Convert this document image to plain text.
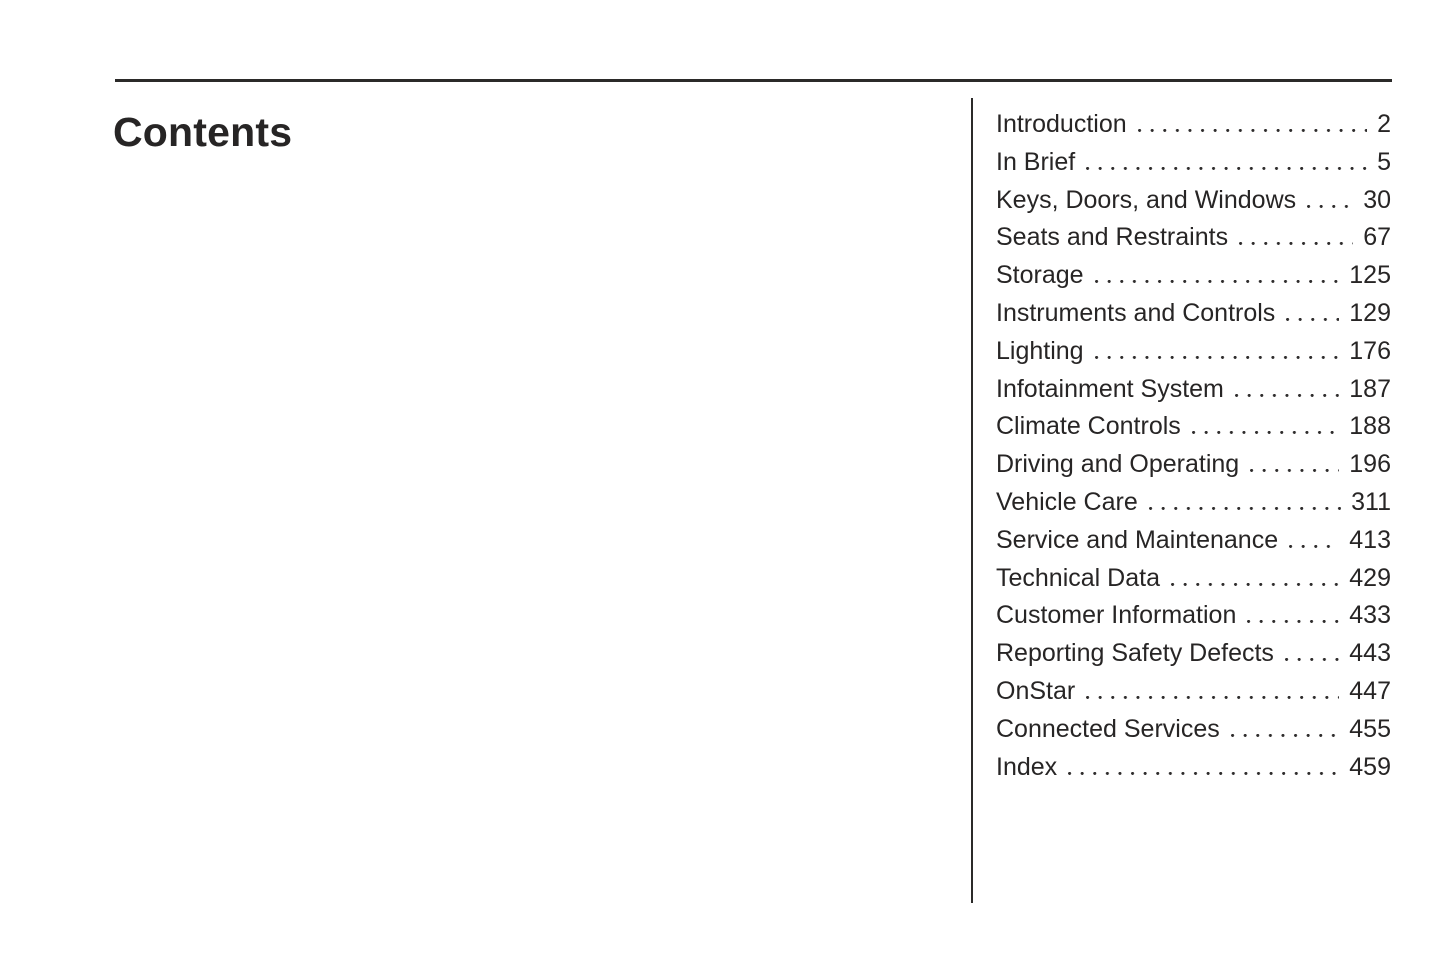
Contents	Introduction	2
In Brief	5
Keys, Doors, and Windows	30
Seats and Restraints	67
Storage	125
Instruments and Controls	129
Lighting	176
Infotainment System	187
Climate Controls	188
Driving and Operating	196
Vehicle Care	311
Service and Maintenance	413
Technical Data	429
Customer Information	433
Reporting Safety Defects	443
OnStar	447
Connected Services	455
Index	459
